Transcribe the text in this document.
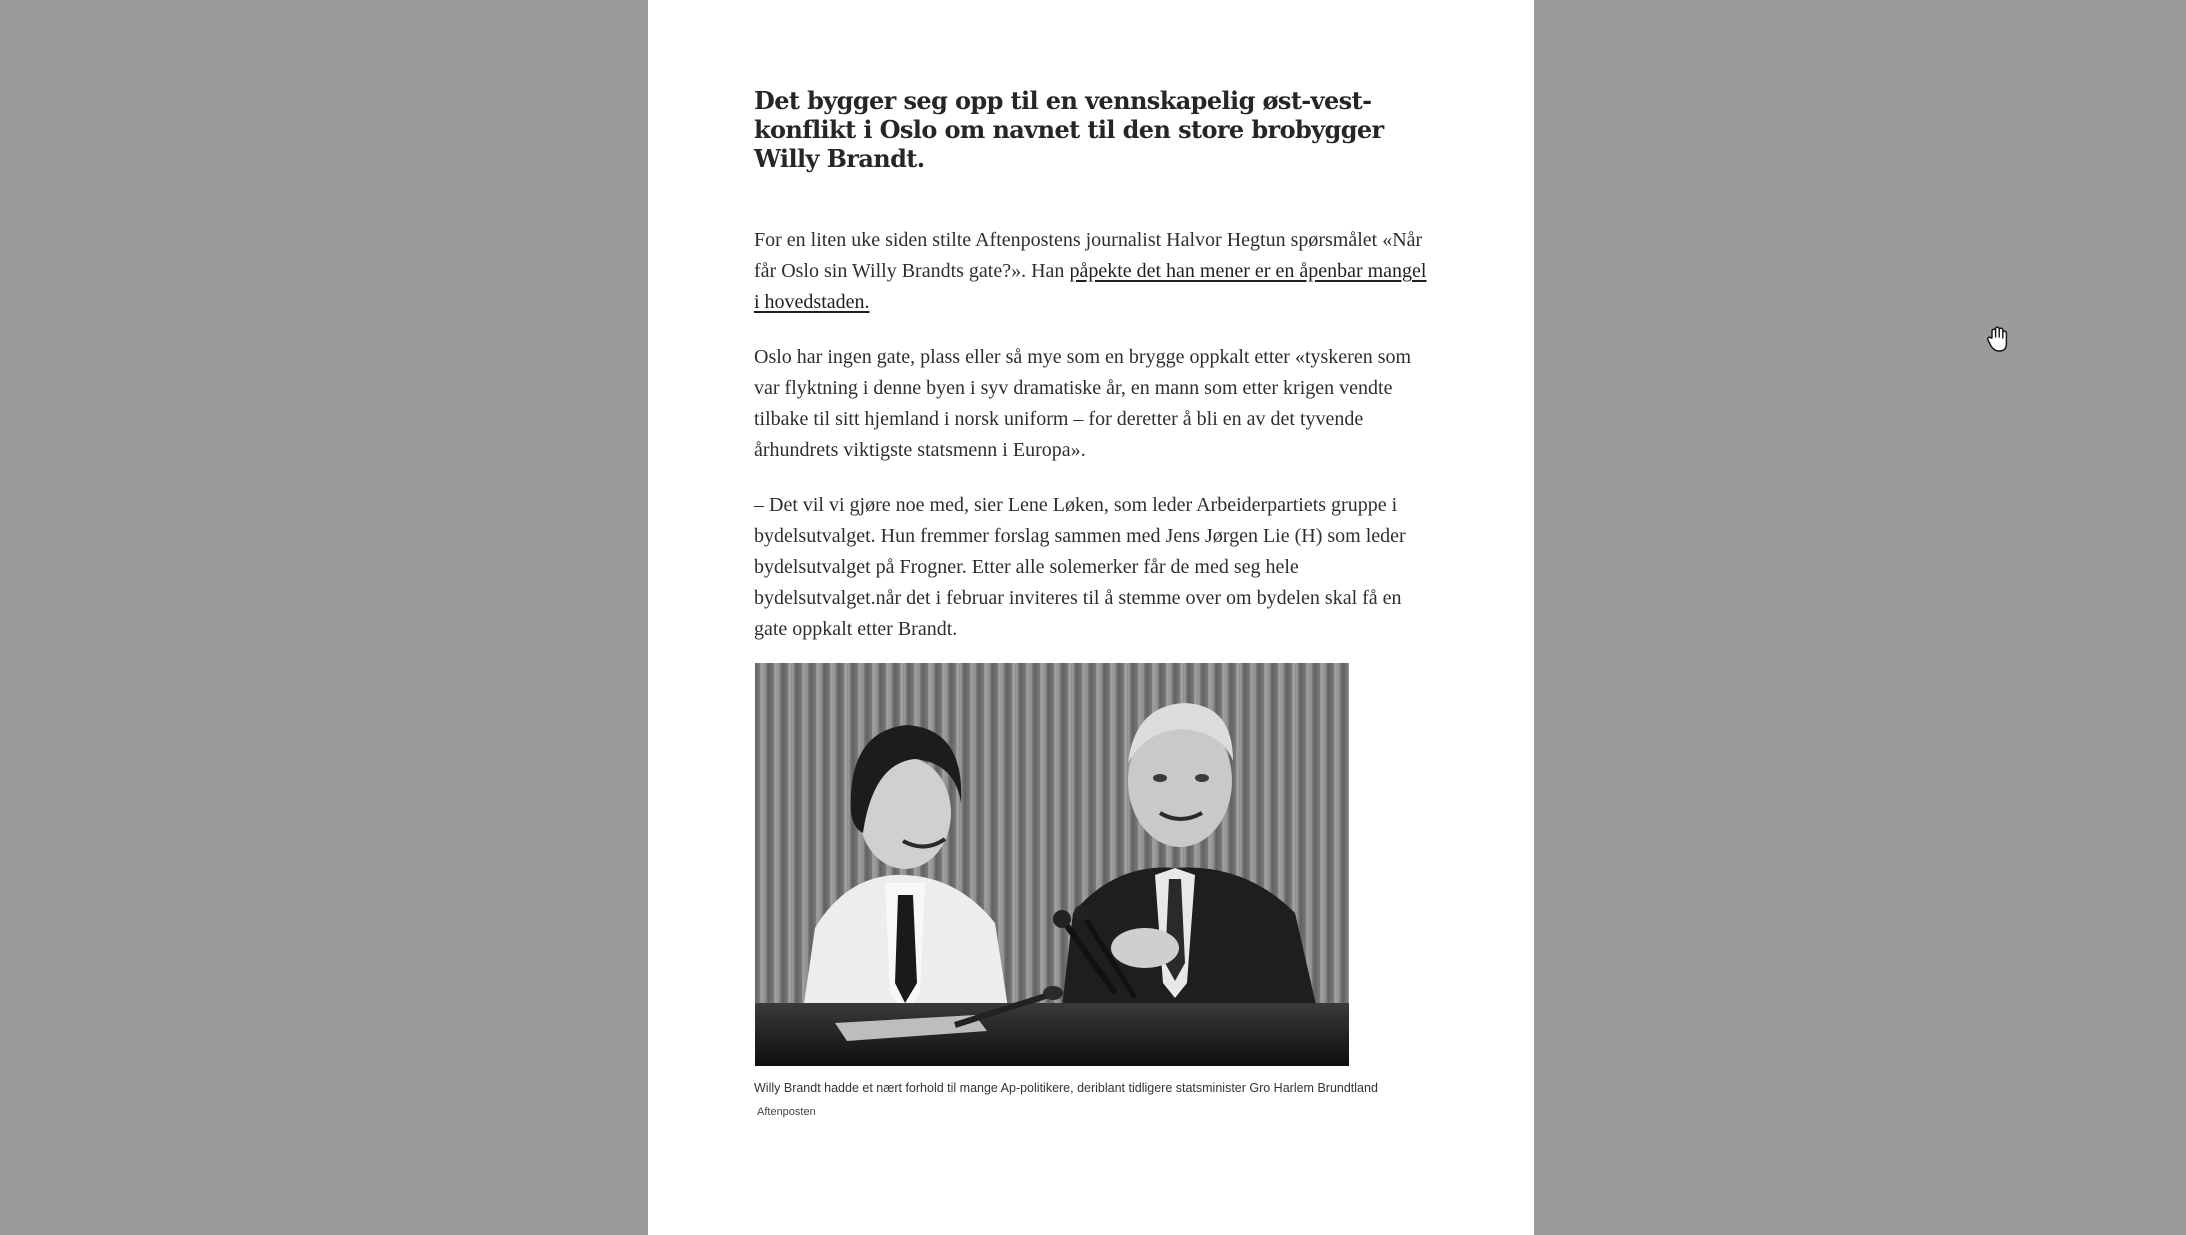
Det bygger seg opp til en vennskapelig øst-vest-konflikt i Oslo om navnet til den store brobygger Willy Brandt.

For en liten uke siden stilte Aftenpostens journalist Halvor Hegtun spørsmålet «Når får Oslo sin Willy Brandts gate?». Han påpekte det han mener er en åpenbar mangel i hovedstaden.

Oslo har ingen gate, plass eller så mye som en brygge oppkalt etter «tyskeren som var flyktning i denne byen i syv dramatiske år, en mann som etter krigen vendte tilbake til sitt hjemland i norsk uniform – for deretter å bli en av det tyvende århundrets viktigste statsmenn i Europa».

– Det vil vi gjøre noe med, sier Lene Løken, som leder Arbeiderpartiets gruppe i bydelsutvalget. Hun fremmer forslag sammen med Jens Jørgen Lie (H) som leder bydelsutvalget på Frogner. Etter alle solemerker får de med seg hele bydelsutvalget.når det i februar inviteres til å stemme over om bydelen skal få en gate oppkalt etter Brandt.

Willy Brandt hadde et nært forhold til mange Ap-politikere, deriblant tidligere statsminister Gro Harlem Brundtland
Aftenposten
